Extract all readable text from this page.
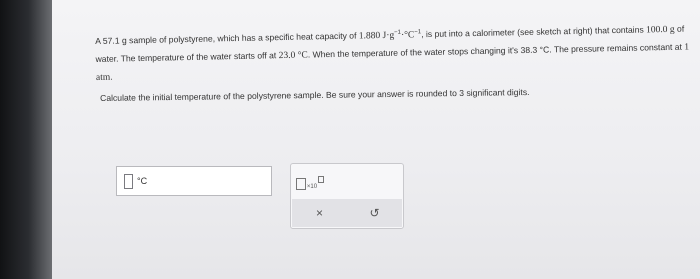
A 57.1 g sample of polystyrene, which has a specific heat capacity of 1.880 $J\cdot g^{-1}\cdot^\circ C^{-1}$, is put into a calorimeter (see sketch at right) that contains 100.0 g of water. The temperature of the water starts off at 23.0 °C. When the temperature of the water stops changing it's 38.3 °C. The pressure remains constant at 1 atm.
Calculate the initial temperature of the polystyrene sample. Be sure your answer is rounded to 3 significant digits.
°C
×10
×	↺
